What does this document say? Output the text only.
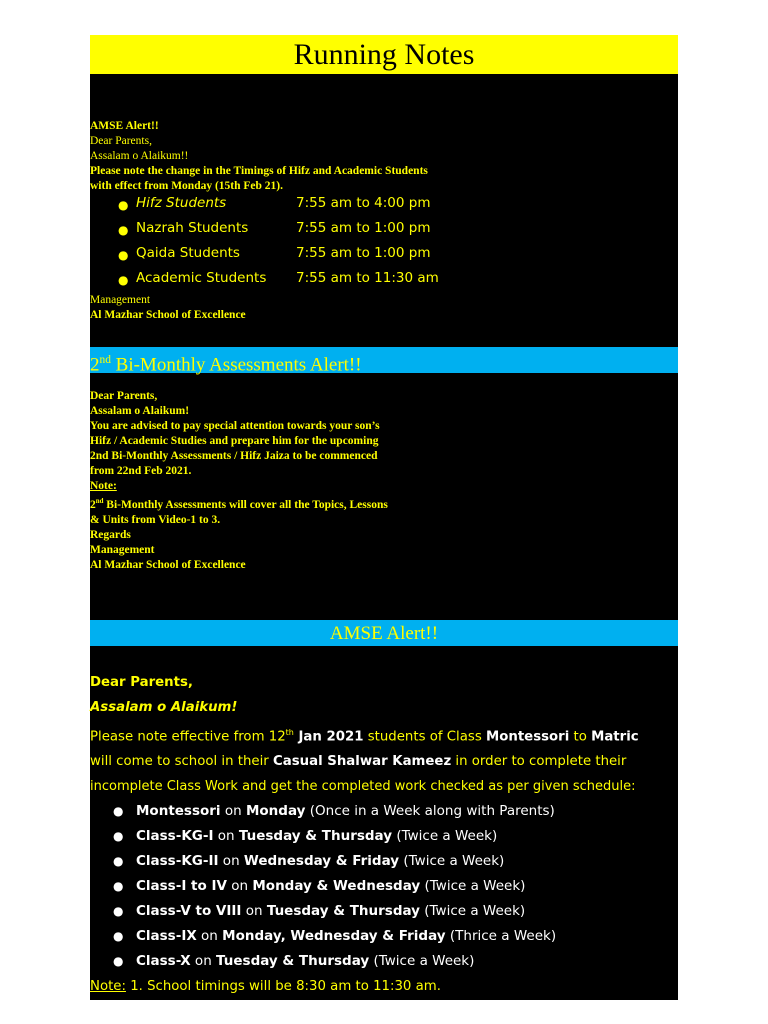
Running Notes
AMSE Alert!!
Dear Parents,
Assalam o Alaikum!!
Please note the change in the Timings of Hifz and Academic Students
with effect from Monday (15th Feb 21).
● Hifz Students	7:55 am to 4:00 pm
● Nazrah Students	7:55 am to 1:00 pm
● Qaida Students	7:55 am to 1:00 pm
● Academic Students 7:55 am to 11:30 am
Management
Al Mazhar School of Excellence
2nd Bi-Monthly Assessments Alert!!
Dear Parents,
Assalam o Alaikum!
You are advised to pay special attention towards your son’s
Hifz / Academic Studies and prepare him for the upcoming
2nd Bi-Monthly Assessments / Hifz Jaiza to be commenced
from 22nd Feb 2021.
Note:
2nd Bi-Monthly Assessments will cover all the Topics, Lessons
& Units from Video-1 to 3.
Regards
Management
Al Mazhar School of Excellence
AMSE Alert!!
Dear Parents,
Assalam o Alaikum!
Please note effective from 12th Jan 2021 students of Class Montessori to Matric
will come to school in their Casual Shalwar Kameez in order to complete their
incomplete Class Work and get the completed work checked as per given schedule:
● Montessori on Monday (Once in a Week along with Parents)
● Class-KG-I on Tuesday & Thursday (Twice a Week)
● Class-KG-II on Wednesday & Friday (Twice a Week)
● Class-I to IV on Monday & Wednesday (Twice a Week)
● Class-V to VIII on Tuesday & Thursday (Twice a Week)
● Class-IX on Monday, Wednesday & Friday (Thrice a Week)
● Class-X on Tuesday & Thursday (Twice a Week)
Note: 1. School timings will be 8:30 am to 11:30 am.
